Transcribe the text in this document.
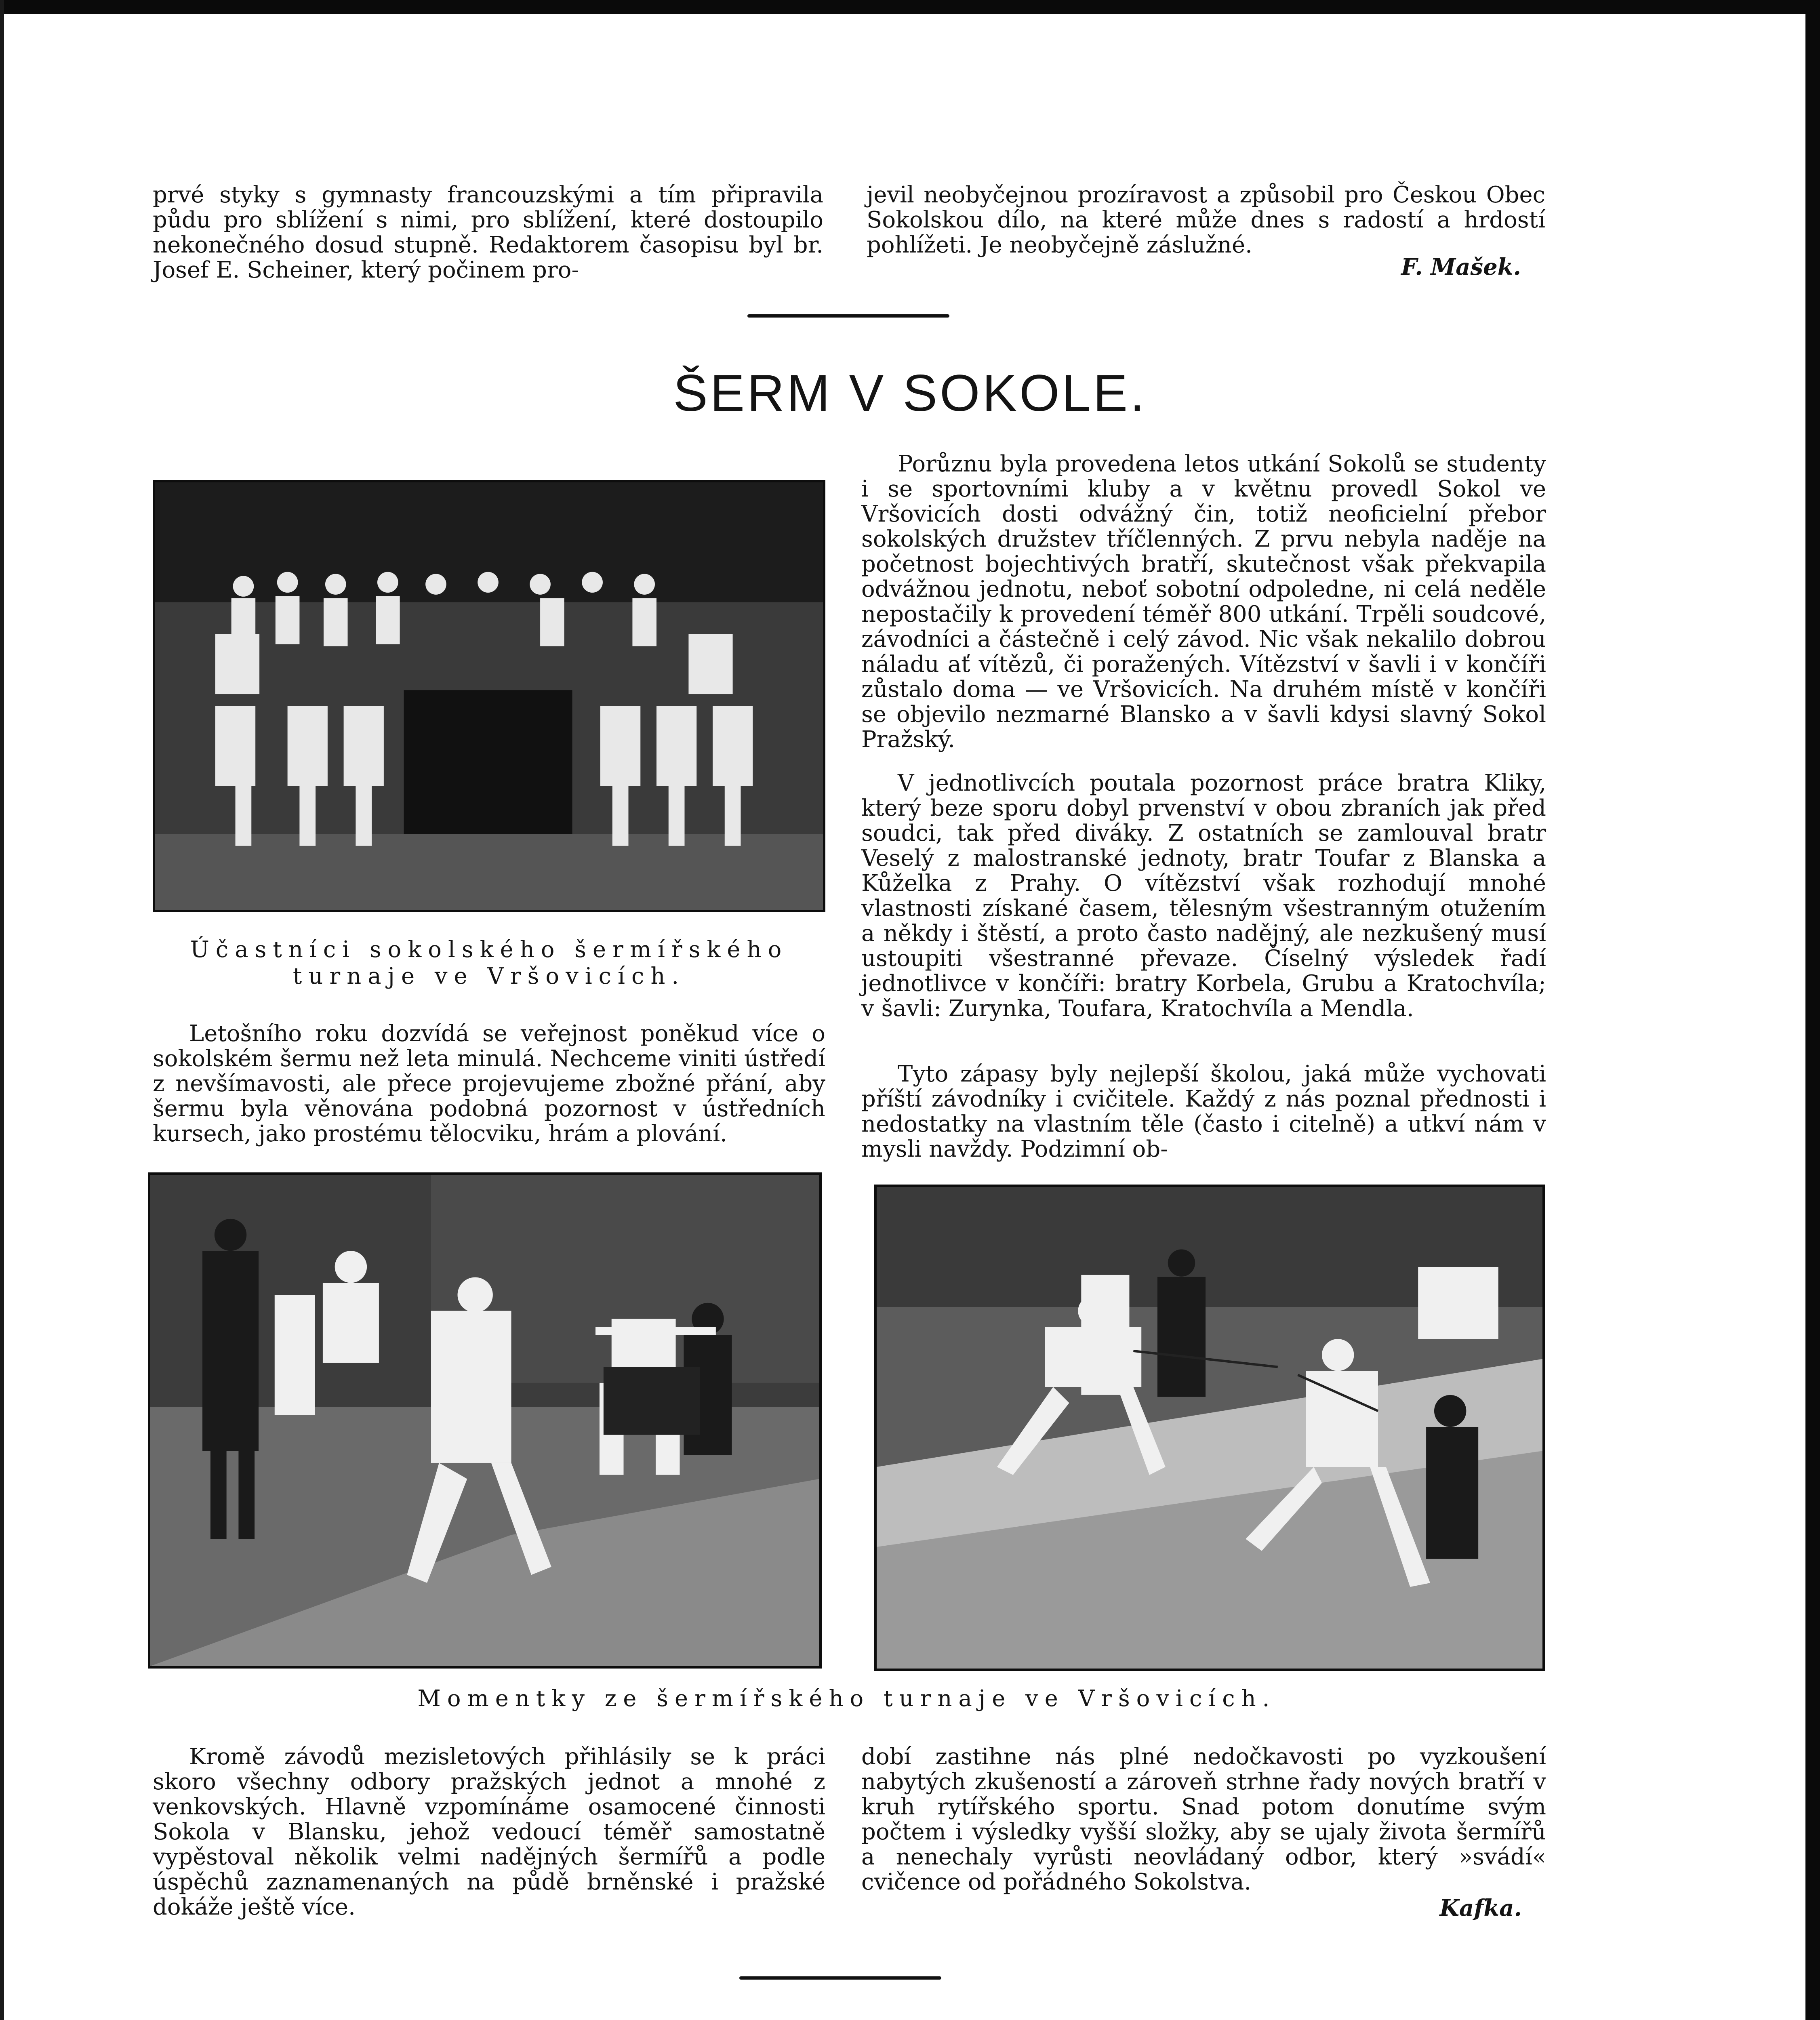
prvé styky s gymnasty francouzskými a tím připravila půdu pro sblížení s nimi, pro sblížení, které dostoupilo nekonečného dosud stupně. Redaktorem časopisu byl br. Josef E. Scheiner, který počinem pro-

jevil neobyčejnou prozíravost a způsobil pro Českou Obec Sokolskou dílo, na které může dnes s radostí a hrdostí pohlížeti. Je neobyčejně záslužné.

F. Mašek.
ŠERM V SOKOLE.
Účastníci sokolského šermířského turnaje ve Vršovicích.

Letošního roku dozvídá se veřejnost poněkud více o sokolském šermu než leta minulá. Nechceme viniti ústředí z nevšímavosti, ale přece projevujeme zbožné přání, aby šermu byla věnována podobná pozornost v ústředních kursech, jako prostému tělocviku, hrám a plování.

Porůznu byla provedena letos utkání Sokolů se studenty i se sportovními kluby a v květnu provedl Sokol ve Vršovicích dosti odvážný čin, totiž neoficielní přebor sokolských družstev tříčlenných. Z prvu nebyla naděje na početnost bojechtivých bratří, skutečnost však překvapila odvážnou jednotu, neboť sobotní odpoledne, ni celá neděle nepostačily k provedení téměř 800 utkání. Trpěli soudcové, závodníci a částečně i celý závod. Nic však nekalilo dobrou náladu ať vítězů, či poražených. Vítězství v šavli i v končíři zůstalo doma — ve Vršovicích. Na druhém místě v končíři se objevilo nezmarné Blansko a v šavli kdysi slavný Sokol Pražský.

V jednotlivcích poutala pozornost práce bratra Kliky, který beze sporu dobyl prvenství v obou zbraních jak před soudci, tak před diváky. Z ostatních se zamlouval bratr Veselý z malostranské jednoty, bratr Toufar z Blanska a Kůželka z Prahy. O vítězství však rozhodují mnohé vlastnosti získané časem, tělesným všestranným otužením a někdy i štěstí, a proto často nadějný, ale nezkušený musí ustoupiti všestranné převaze. Číselný výsledek řadí jednotlivce v končíři: bratry Korbela, Grubu a Kratochvíla; v šavli: Zurynka, Toufara, Kratochvíla a Mendla.

Tyto zápasy byly nejlepší školou, jaká může vychovati příští závodníky i cvičitele. Každý z nás poznal přednosti i nedostatky na vlastním těle (často i citelně) a utkví nám v mysli navždy. Podzimní ob-

Momentky ze šermířského turnaje ve Vršovicích.

Kromě závodů mezisletových přihlásily se k práci skoro všechny odbory pražských jednot a mnohé z venkovských. Hlavně vzpomínáme osamocené činnosti Sokola v Blansku, jehož vedoucí téměř samostatně vypěstoval několik velmi nadějných šermířů a podle úspěchů zaznamenaných na půdě brněnské i pražské dokáže ještě více.

dobí zastihne nás plné nedočkavosti po vyzkoušení nabytých zkušeností a zároveň strhne řady nových bratří v kruh rytířského sportu. Snad potom donutíme svým počtem i výsledky vyšší složky, aby se ujaly života šermířů a nenechaly vyrůsti neovládaný odbor, který »svádí« cvičence od pořádného Sokolstva.

Kafka.
